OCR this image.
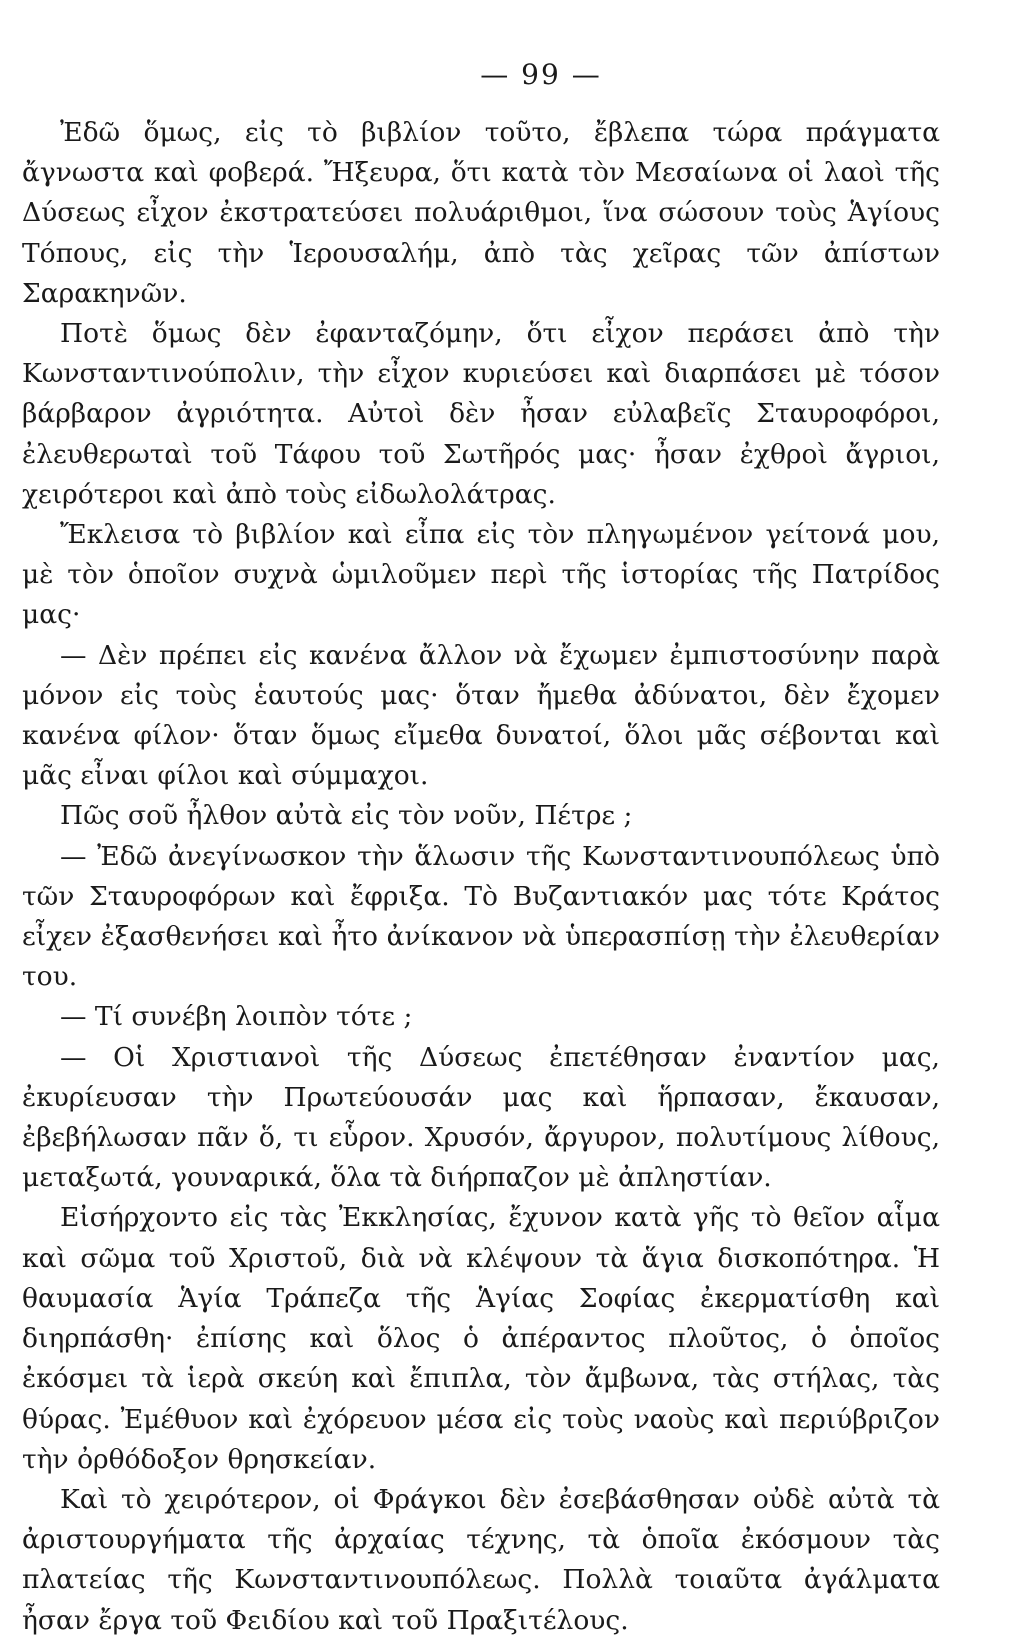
— 99 —

Ἐδῶ ὅμως, εἰς τὸ βιβλίον τοῦτο, ἔβλεπα τώρα πράγματα ἄγνωστα καὶ φοβερά. Ἤξευρα, ὅτι κατὰ τὸν Μεσαίωνα οἱ λαοὶ τῆς Δύσεως εἶχον ἐκστρατεύσει πολυάριθμοι, ἵνα σώσουν τοὺς Ἁγίους Τόπους, εἰς τὴν Ἱερουσαλήμ, ἀπὸ τὰς χεῖρας τῶν ἀπίστων Σαρακηνῶν.

Ποτὲ ὅμως δὲν ἐφανταζόμην, ὅτι εἶχον περάσει ἀπὸ τὴν Κωνσταντινούπολιν, τὴν εἶχον κυριεύσει καὶ διαρπάσει μὲ τόσον βάρβαρον ἀγριότητα. Αὐτοὶ δὲν ἦσαν εὐλαβεῖς Σταυροφόροι, ἐλευθερωταὶ τοῦ Τάφου τοῦ Σωτῆρός μας· ἦσαν ἐχθροὶ ἄγριοι, χειρότεροι καὶ ἀπὸ τοὺς εἰδωλολάτρας.

Ἔκλεισα τὸ βιβλίον καὶ εἶπα εἰς τὸν πληγωμένον γείτονά μου, μὲ τὸν ὁποῖον συχνὰ ὡμιλοῦμεν περὶ τῆς ἱστορίας τῆς Πατρίδος μας·

— Δὲν πρέπει εἰς κανένα ἄλλον νὰ ἔχωμεν ἐμπιστοσύνην παρὰ μόνον εἰς τοὺς ἑαυτούς μας· ὅταν ἤμεθα ἀδύνατοι, δὲν ἔχομεν κανένα φίλον· ὅταν ὅμως εἴμεθα δυνατοί, ὅλοι μᾶς σέβονται καὶ μᾶς εἶναι φίλοι καὶ σύμμαχοι.

Πῶς σοῦ ἦλθον αὐτὰ εἰς τὸν νοῦν, Πέτρε ;

— Ἐδῶ ἀνεγίνωσκον τὴν ἅλωσιν τῆς Κωνσταντινουπόλεως ὑπὸ τῶν Σταυροφόρων καὶ ἔφριξα. Τὸ Βυζαντιακόν μας τότε Κράτος εἶχεν ἐξασθενήσει καὶ ἦτο ἀνίκανον νὰ ὑπερασπίσῃ τὴν ἐλευθερίαν του.

— Τί συνέβη λοιπὸν τότε ;

— Οἱ Χριστιανοὶ τῆς Δύσεως ἐπετέθησαν ἐναντίον μας, ἐκυρίευσαν τὴν Πρωτεύουσάν μας καὶ ἥρπασαν, ἔκαυσαν, ἐβεβήλωσαν πᾶν ὅ, τι εὗρον. Χρυσόν, ἄργυρον, πολυτίμους λίθους, μεταξωτά, γουναρικά, ὅλα τὰ διήρπαζον μὲ ἀπληστίαν.

Εἰσήρχοντο εἰς τὰς Ἐκκλησίας, ἔχυνον κατὰ γῆς τὸ θεῖον αἷμα καὶ σῶμα τοῦ Χριστοῦ, διὰ νὰ κλέψουν τὰ ἅγια δισκοπότηρα. Ἡ θαυμασία Ἁγία Τράπεζα τῆς Ἁγίας Σοφίας ἐκερματίσθη καὶ διηρπάσθη· ἐπίσης καὶ ὅλος ὁ ἀπέραντος πλοῦτος, ὁ ὁποῖος ἐκόσμει τὰ ἱερὰ σκεύη καὶ ἔπιπλα, τὸν ἄμβωνα, τὰς στήλας, τὰς θύρας. Ἐμέθυον καὶ ἐχόρευον μέσα εἰς τοὺς ναοὺς καὶ περιύβριζον τὴν ὀρθόδοξον θρησκείαν.

Καὶ τὸ χειρότερον, οἱ Φράγκοι δὲν ἐσεβάσθησαν οὐδὲ αὐτὰ τὰ ἀριστουργήματα τῆς ἀρχαίας τέχνης, τὰ ὁποῖα ἐκόσμουν τὰς πλατείας τῆς Κωνσταντινουπόλεως. Πολλὰ τοιαῦτα ἀγάλματα ἦσαν ἔργα τοῦ Φειδίου καὶ τοῦ Πραξιτέλους.
